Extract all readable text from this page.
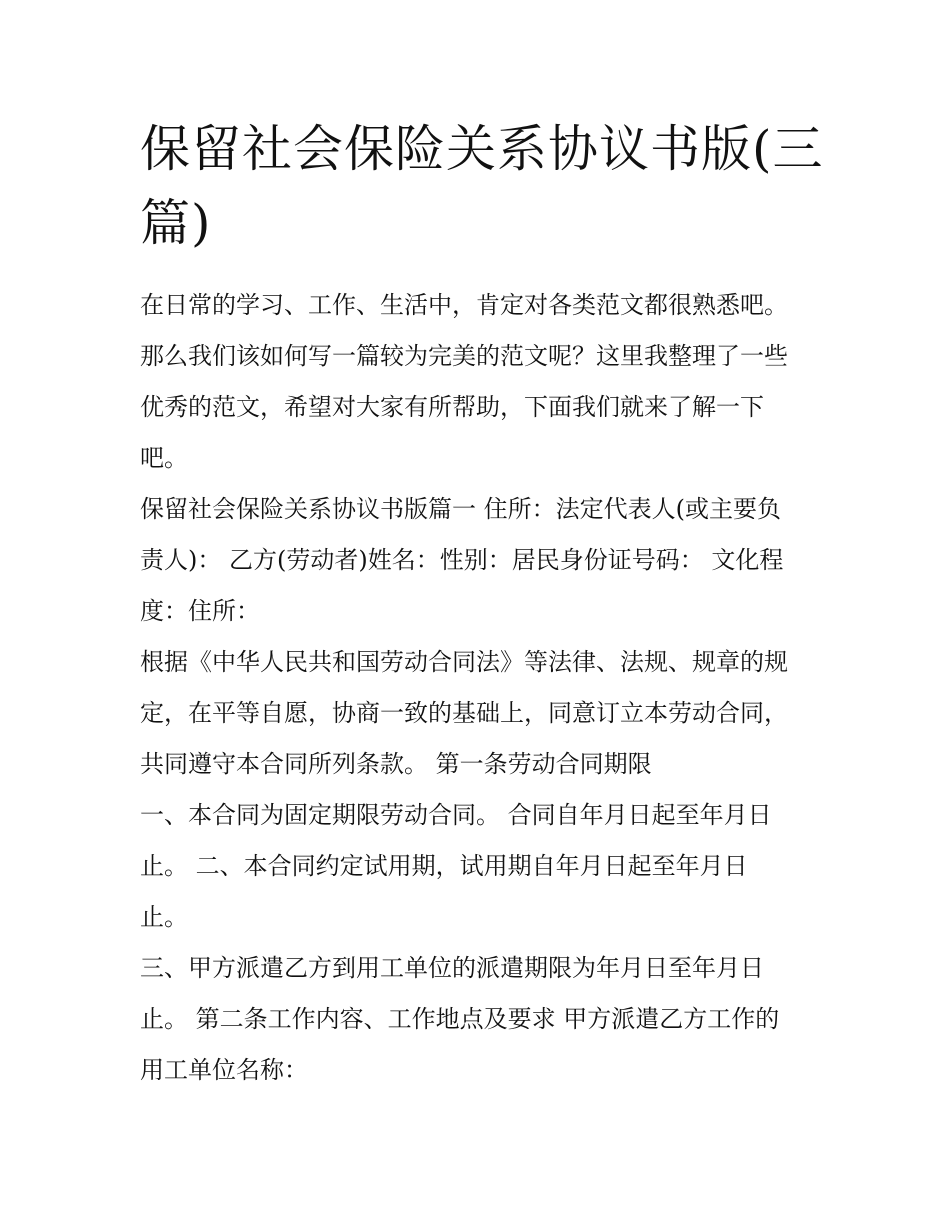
保留社会保险关系协议书版(三
篇)

在日常的学习、工作、生活中，肯定对各类范文都很熟悉吧。
那么我们该如何写一篇较为完美的范文呢？这里我整理了一些
优秀的范文，希望对大家有所帮助，下面我们就来了解一下
吧。

保留社会保险关系协议书版篇一 住所：法定代表人(或主要负
责人)： 乙方(劳动者)姓名：性别：居民身份证号码： 文化程
度：住所：

根据《中华人民共和国劳动合同法》等法律、法规、规章的规
定，在平等自愿，协商一致的基础上，同意订立本劳动合同，
共同遵守本合同所列条款。 第一条劳动合同期限

一、本合同为固定期限劳动合同。 合同自年月日起至年月日
止。 二、本合同约定试用期，试用期自年月日起至年月日
止。

三、甲方派遣乙方到用工单位的派遣期限为年月日至年月日
止。 第二条工作内容、工作地点及要求 甲方派遣乙方工作的
用工单位名称：
